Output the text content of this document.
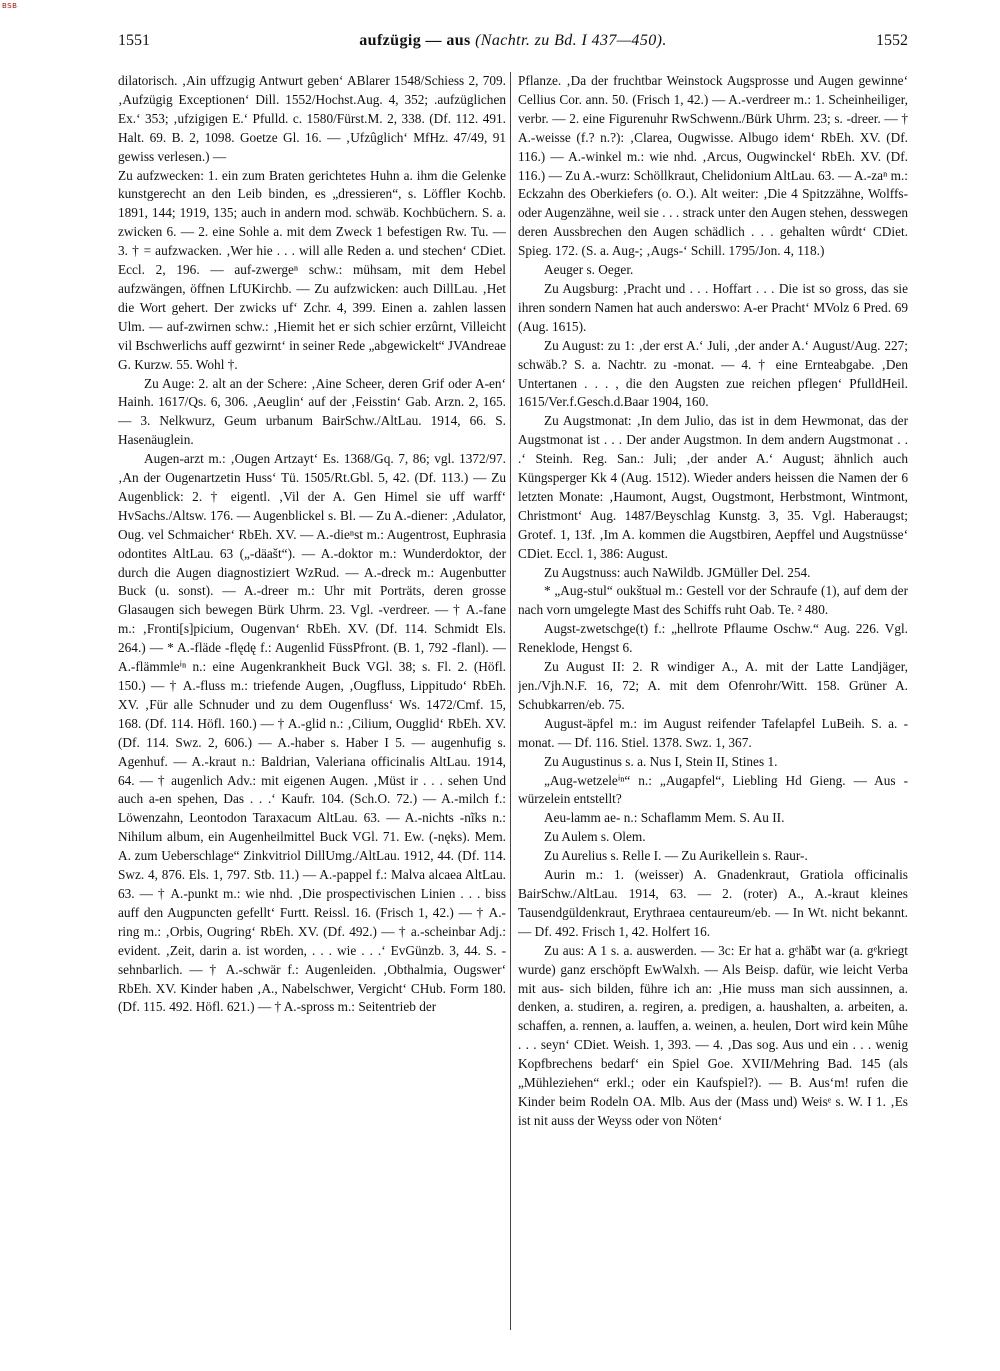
BSB
1551	aufzügig — aus (Nachtr. zu Bd. I 437—450).	1552

dilatorisch. ‚Ain uffzugig Antwurt geben‘ ABlarer 1548/Schiess 2, 709. ‚Aufzügig Exceptionen‘ Dill. 1552/Hochst.Aug. 4, 352; .aufzüglichen Ex.‘ 353; ‚ufzigigen E.‘ Pfulld. c. 1580/Fürst.M. 2, 338. (Df. 112. 491. Halt. 69. B. 2, 1098. Goetze Gl. 16. — ‚Ufzûglich‘ MfHz. 47/49, 91 gewiss verlesen.) —

Zu aufzwecken: 1. ein zum Braten gerichtetes Huhn a. ihm die Gelenke kunstgerecht an den Leib binden, es „dressieren“, s. Löffler Kochb. 1891, 144; 1919, 135; auch in andern mod. schwäb. Kochbüchern. S. a. zwicken 6. — 2. eine Sohle a. mit dem Zweck 1 befestigen Rw. Tu. — 3. † = aufzwacken. ‚Wer hie . . . will alle Reden a. und stechen‘ CDiet. Eccl. 2, 196. — auf-zwergeⁿ schw.: mühsam, mit dem Hebel aufzwängen, öffnen LfUKirchb. — Zu aufzwicken: auch DillLau. ‚Het die Wort gehert. Der zwicks uf‘ Zchr. 4, 399. Einen a. zahlen lassen Ulm. — auf-zwirnen schw.: ‚Hiemit het er sich schier erzûrnt, Villeicht vil Bschwerlichs auff gezwirnt‘ in seiner Rede „abgewickelt“ JVAndreae G. Kurzw. 55. Wohl †.

Zu Auge: 2. alt an der Schere: ‚Aine Scheer, deren Grif oder A-en‘ Hainh. 1617/Qs. 6, 306. ‚Aeuglin‘ auf der ‚Feisstin‘ Gab. Arzn. 2, 165. — 3. Nelkwurz, Geum urbanum BairSchw./AltLau. 1914, 66. S. Hasenäuglein.

Augen-arzt m.: ‚Ougen Artzayt‘ Es. 1368/Gq. 7, 86; vgl. 1372/97. ‚An der Ougenartzetin Huss‘ Tü. 1505/Rt.Gbl. 5, 42. (Df. 113.) — Zu Augenblick: 2. † eigentl. ‚Vil der A. Gen Himel sie uff warff‘ HvSachs./Altsw. 176. — Augenblickel s. Bl. — Zu A.-diener: ‚Adulator, Oug. vel Schmaicher‘ RbEh. XV. — A.-dieⁿst m.: Augentrost, Euphrasia odontites AltLau. 63 („-däašt“). — A.-doktor m.: Wunderdoktor, der durch die Augen diagnostiziert WzRud. — A.-dreck m.: Augenbutter Buck (u. sonst). — A.-dreer m.: Uhr mit Porträts, deren grosse Glasaugen sich bewegen Bürk Uhrm. 23. Vgl. -verdreer. — † A.-fane m.: ‚Fronti[s]picium, Ougenvan‘ RbEh. XV. (Df. 114. Schmidt Els. 264.) — * A.-fläde -flędę f.: Augenlid FüssPfront. (B. 1, 792 -flanl). — A.-flämmleⁱⁿ n.: eine Augenkrankheit Buck VGl. 38; s. Fl. 2. (Höfl. 150.) — † A.-fluss m.: triefende Augen, ‚Ougfluss, Lippitudo‘ RbEh. XV. ‚Für alle Schnuder und zu dem Ougenfluss‘ Ws. 1472/Cmf. 15, 168. (Df. 114. Höfl. 160.) — † A.-glid n.: ‚Cilium, Ougglid‘ RbEh. XV. (Df. 114. Swz. 2, 606.) — A.-haber s. Haber I 5. — augenhufig s. Agenhuf. — A.-kraut n.: Baldrian, Valeriana officinalis AltLau. 1914, 64. — † augenlich Adv.: mit eigenen Augen. ‚Müst ir . . . sehen Und auch a-en spehen, Das . . .‘ Kaufr. 104. (Sch.O. 72.) — A.-milch f.: Löwenzahn, Leontodon Taraxacum AltLau. 63. — A.-nichts -nĩks n.: Nihilum album, ein Augenheilmittel Buck VGl. 71. Ew. (-nęks). Mem. A. zum Ueberschlage“ Zinkvitriol DillUmg./AltLau. 1912, 44. (Df. 114. Swz. 4, 876. Els. 1, 797. Stb. 11.) — A.-pappel f.: Malva alcaea AltLau. 63. — † A.-punkt m.: wie nhd. ‚Die prospectivischen Linien . . . biss auff den Augpuncten gefellt‘ Furtt. Reissl. 16. (Frisch 1, 42.) — † A.-ring m.: ‚Orbis, Ougring‘ RbEh. XV. (Df. 492.) — † a.-scheinbar Adj.: evident. ‚Zeit, darin a. ist worden, . . . wie . . .‘ EvGünzb. 3, 44. S. -sehnbarlich. — † A.-schwär f.: Augenleiden. ‚Obthalmia, Ougswer‘ RbEh. XV. Kinder haben ‚A., Nabelschwer, Vergicht‘ CHub. Form 180. (Df. 115. 492. Höfl. 621.) — † A.-spross m.: Seitentrieb der

Pflanze. ‚Da der fruchtbar Weinstock Augsprosse und Augen gewinne‘ Cellius Cor. ann. 50. (Frisch 1, 42.) — A.-verdreer m.: 1. Scheinheiliger, verbr. — 2. eine Figurenuhr RwSchwenn./Bürk Uhrm. 23; s. -dreer. — † A.-weisse (f.? n.?): ‚Clarea, Ougwisse. Albugo idem‘ RbEh. XV. (Df. 116.) — A.-winkel m.: wie nhd. ‚Arcus, Ougwinckel‘ RbEh. XV. (Df. 116.) — Zu A.-wurz: Schöllkraut, Chelidonium AltLau. 63. — A.-zaⁿ m.: Eckzahn des Oberkiefers (o. O.). Alt weiter: ‚Die 4 Spitzzähne, Wolffs- oder Augenzähne, weil sie . . . strack unter den Augen stehen, desswegen deren Aussbrechen den Augen schädlich . . . gehalten wûrdt‘ CDiet. Spieg. 172. (S. a. Aug-; ‚Augs-‘ Schill. 1795/Jon. 4, 118.)

Aeuger s. Oeger.

Zu Augsburg: ‚Pracht und . . . Hoffart . . . Die ist so gross, das sie ihren sondern Namen hat auch anderswo: A-er Pracht‘ MVolz 6 Pred. 69 (Aug. 1615).

Zu August: zu 1: ‚der erst A.‘ Juli, ‚der ander A.‘ August/Aug. 227; schwäb.? S. a. Nachtr. zu -monat. — 4. † eine Ernteabgabe. ‚Den Untertanen . . . , die den Augsten zue reichen pflegen‘ PfulldHeil. 1615/Ver.f.Gesch.d.Baar 1904, 160.

Zu Augstmonat: ‚In dem Julio, das ist in dem Hewmonat, das der Augstmonat ist . . . Der ander Augstmon. In dem andern Augstmonat . . .‘ Steinh. Reg. San.: Juli; ‚der ander A.‘ August; ähnlich auch Küngsperger Kk 4 (Aug. 1512). Wieder anders heissen die Namen der 6 letzten Monate: ‚Haumont, Augst, Ougstmont, Herbstmont, Wintmont, Christmont‘ Aug. 1487/Beyschlag Kunstg. 3, 35. Vgl. Haberaugst; Grotef. 1, 13f. ‚Im A. kommen die Augstbiren, Aepffel und Augstnüsse‘ CDiet. Eccl. 1, 386: August.

Zu Augstnuss: auch NaWildb. JGMüller Del. 254.

* „Aug-stul“ oukštuəl m.: Gestell vor der Schraufe (1), auf dem der nach vorn umgelegte Mast des Schiffs ruht Oab. Te. ² 480.

Augst-zwetschge(t) f.: „hellrote Pflaume Oschw.“ Aug. 226. Vgl. Reneklode, Hengst 6.

Zu August II: 2. R windiger A., A. mit der Latte Landjäger, jen./Vjh.N.F. 16, 72; A. mit dem Ofenrohr/Witt. 158. Grüner A. Schubkarren/eb. 75.

August-äpfel m.: im August reifender Tafelapfel LuBeih. S. a. -monat. — Df. 116. Stiel. 1378. Swz. 1, 367.

Zu Augustinus s. a. Nus I, Stein II, Stines 1.

„Aug-wetzeleⁱⁿ“ n.: „Augapfel“, Liebling Hd Gieng. — Aus -würzelein entstellt?

Aeu-lamm ae- n.: Schaflamm Mem. S. Au II.

Zu Aulem s. Olem.

Zu Aurelius s. Relle I. — Zu Aurikellein s. Raur-.

Aurin m.: 1. (weisser) A. Gnadenkraut, Gratiola officinalis BairSchw./AltLau. 1914, 63. — 2. (roter) A., A.-kraut kleines Tausendgüldenkraut, Erythraea centaureum/eb. — In Wt. nicht bekannt. — Df. 492. Frisch 1, 42. Holfert 16.

Zu aus: A 1 s. a. auswerden. — 3c: Er hat a. gᵉhä̃bt war (a. gᵉkriegt wurde) ganz erschöpft EwWalxh. — Als Beisp. dafür, wie leicht Verba mit aus- sich bilden, führe ich an: ‚Hie muss man sich aussinnen, a. denken, a. studiren, a. regiren, a. predigen, a. haushalten, a. arbeiten, a. schaffen, a. rennen, a. lauffen, a. weinen, a. heulen, Dort wird kein Mûhe . . . seyn‘ CDiet. Weish. 1, 393. — 4. ‚Das sog. Aus und ein . . . wenig Kopfbrechens bedarf‘ ein Spiel Goe. XVII/Mehring Bad. 145 (als „Mühleziehen“ erkl.; oder ein Kaufspiel?). — B. Aus‘m! rufen die Kinder beim Rodeln OA. Mlb. Aus der (Mass und) Weisᵉ s. W. I 1. ‚Es ist nit auss der Weyss oder von Nöten‘
